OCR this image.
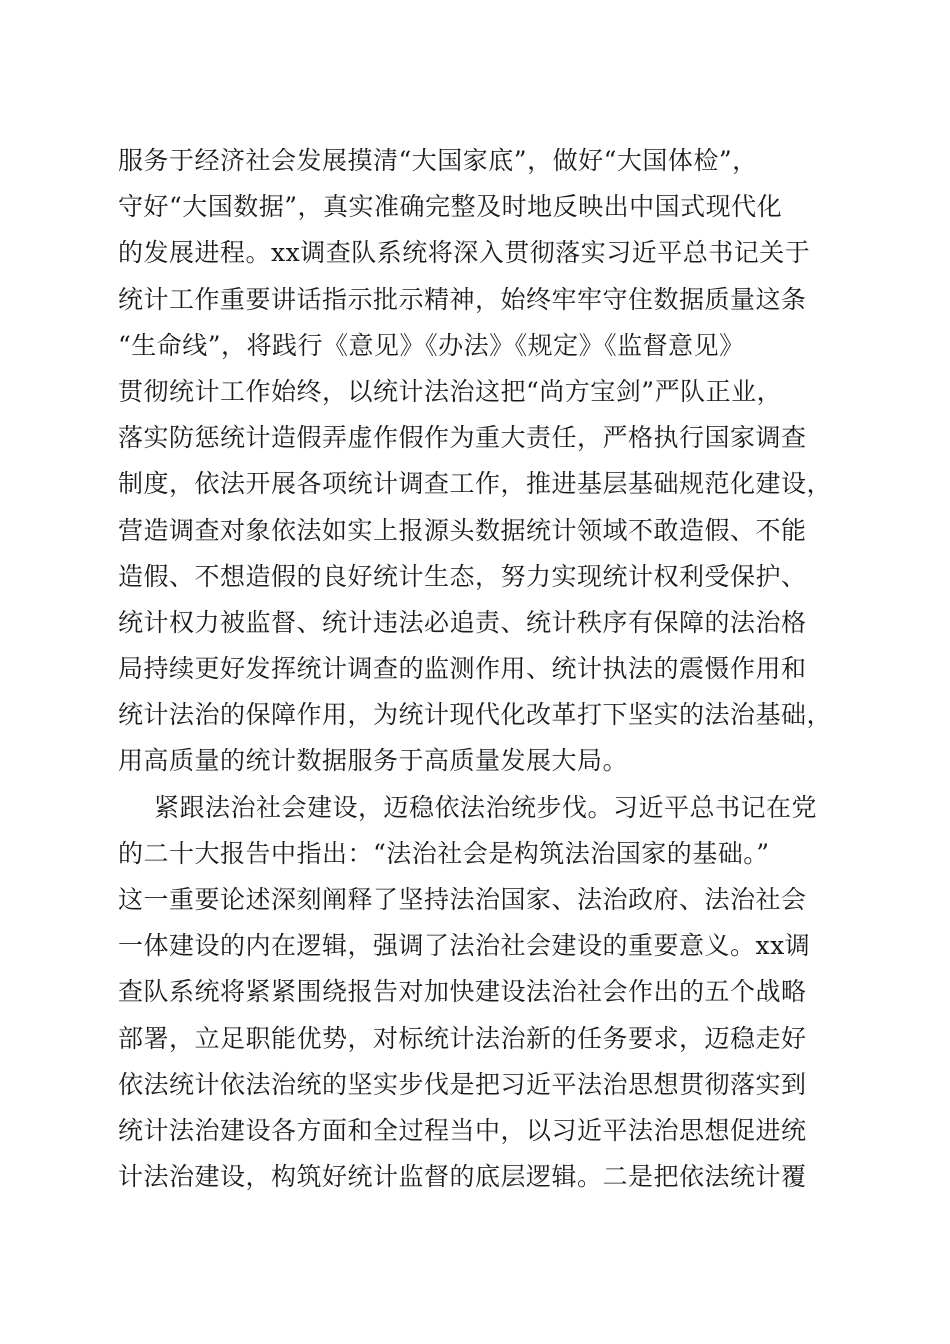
服务于经济社会发展摸清“大国家底”，做好“大国体检”，
守好“大国数据”，真实准确完整及时地反映出中国式现代化
的发展进程。xx调查队系统将深入贯彻落实习近平总书记关于
统计工作重要讲话指示批示精神，始终牢牢守住数据质量这条
“生命线”，将践行《意见》《办法》《规定》《监督意见》
贯彻统计工作始终，以统计法治这把“尚方宝剑”严队正业，
落实防惩统计造假弄虚作假作为重大责任，严格执行国家调查
制度，依法开展各项统计调查工作，推进基层基础规范化建设，
营造调查对象依法如实上报源头数据统计领域不敢造假、不能
造假、不想造假的良好统计生态，努力实现统计权利受保护、
统计权力被监督、统计违法必追责、统计秩序有保障的法治格
局持续更好发挥统计调查的监测作用、统计执法的震慑作用和
统计法治的保障作用，为统计现代化改革打下坚实的法治基础，
用高质量的统计数据服务于高质量发展大局。
紧跟法治社会建设，迈稳依法治统步伐。习近平总书记在党
的二十大报告中指出：“法治社会是构筑法治国家的基础。”
这一重要论述深刻阐释了坚持法治国家、法治政府、法治社会
一体建设的内在逻辑，强调了法治社会建设的重要意义。xx调
查队系统将紧紧围绕报告对加快建设法治社会作出的五个战略
部署，立足职能优势，对标统计法治新的任务要求，迈稳走好
依法统计依法治统的坚实步伐是把习近平法治思想贯彻落实到
统计法治建设各方面和全过程当中，以习近平法治思想促进统
计法治建设，构筑好统计监督的底层逻辑。二是把依法统计覆
